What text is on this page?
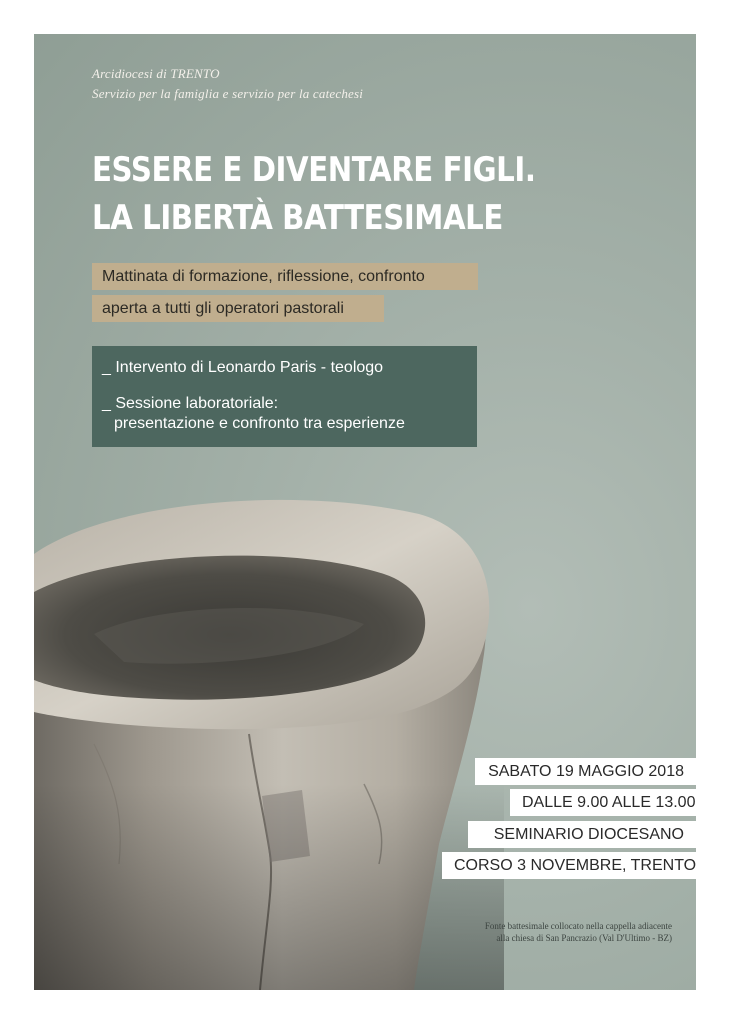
Arcidiocesi di TRENTO
Servizio per la famiglia e servizio per la catechesi
ESSERE E DIVENTARE FIGLI.
LA LIBERTÀ BATTESIMALE
Mattinata di formazione, riflessione, confronto
aperta a tutti gli operatori pastorali
_ Intervento di Leonardo Paris - teologo
_ Sessione laboratoriale:
presentazione e confronto tra esperienze
SABATO 19 MAGGIO 2018
DALLE 9.00 ALLE 13.00
SEMINARIO DIOCESANO
CORSO 3 NOVEMBRE, TRENTO
Fonte battesimale collocato nella cappella adiacente
alla chiesa di San Pancrazio (Val D'Ultimo - BZ)
